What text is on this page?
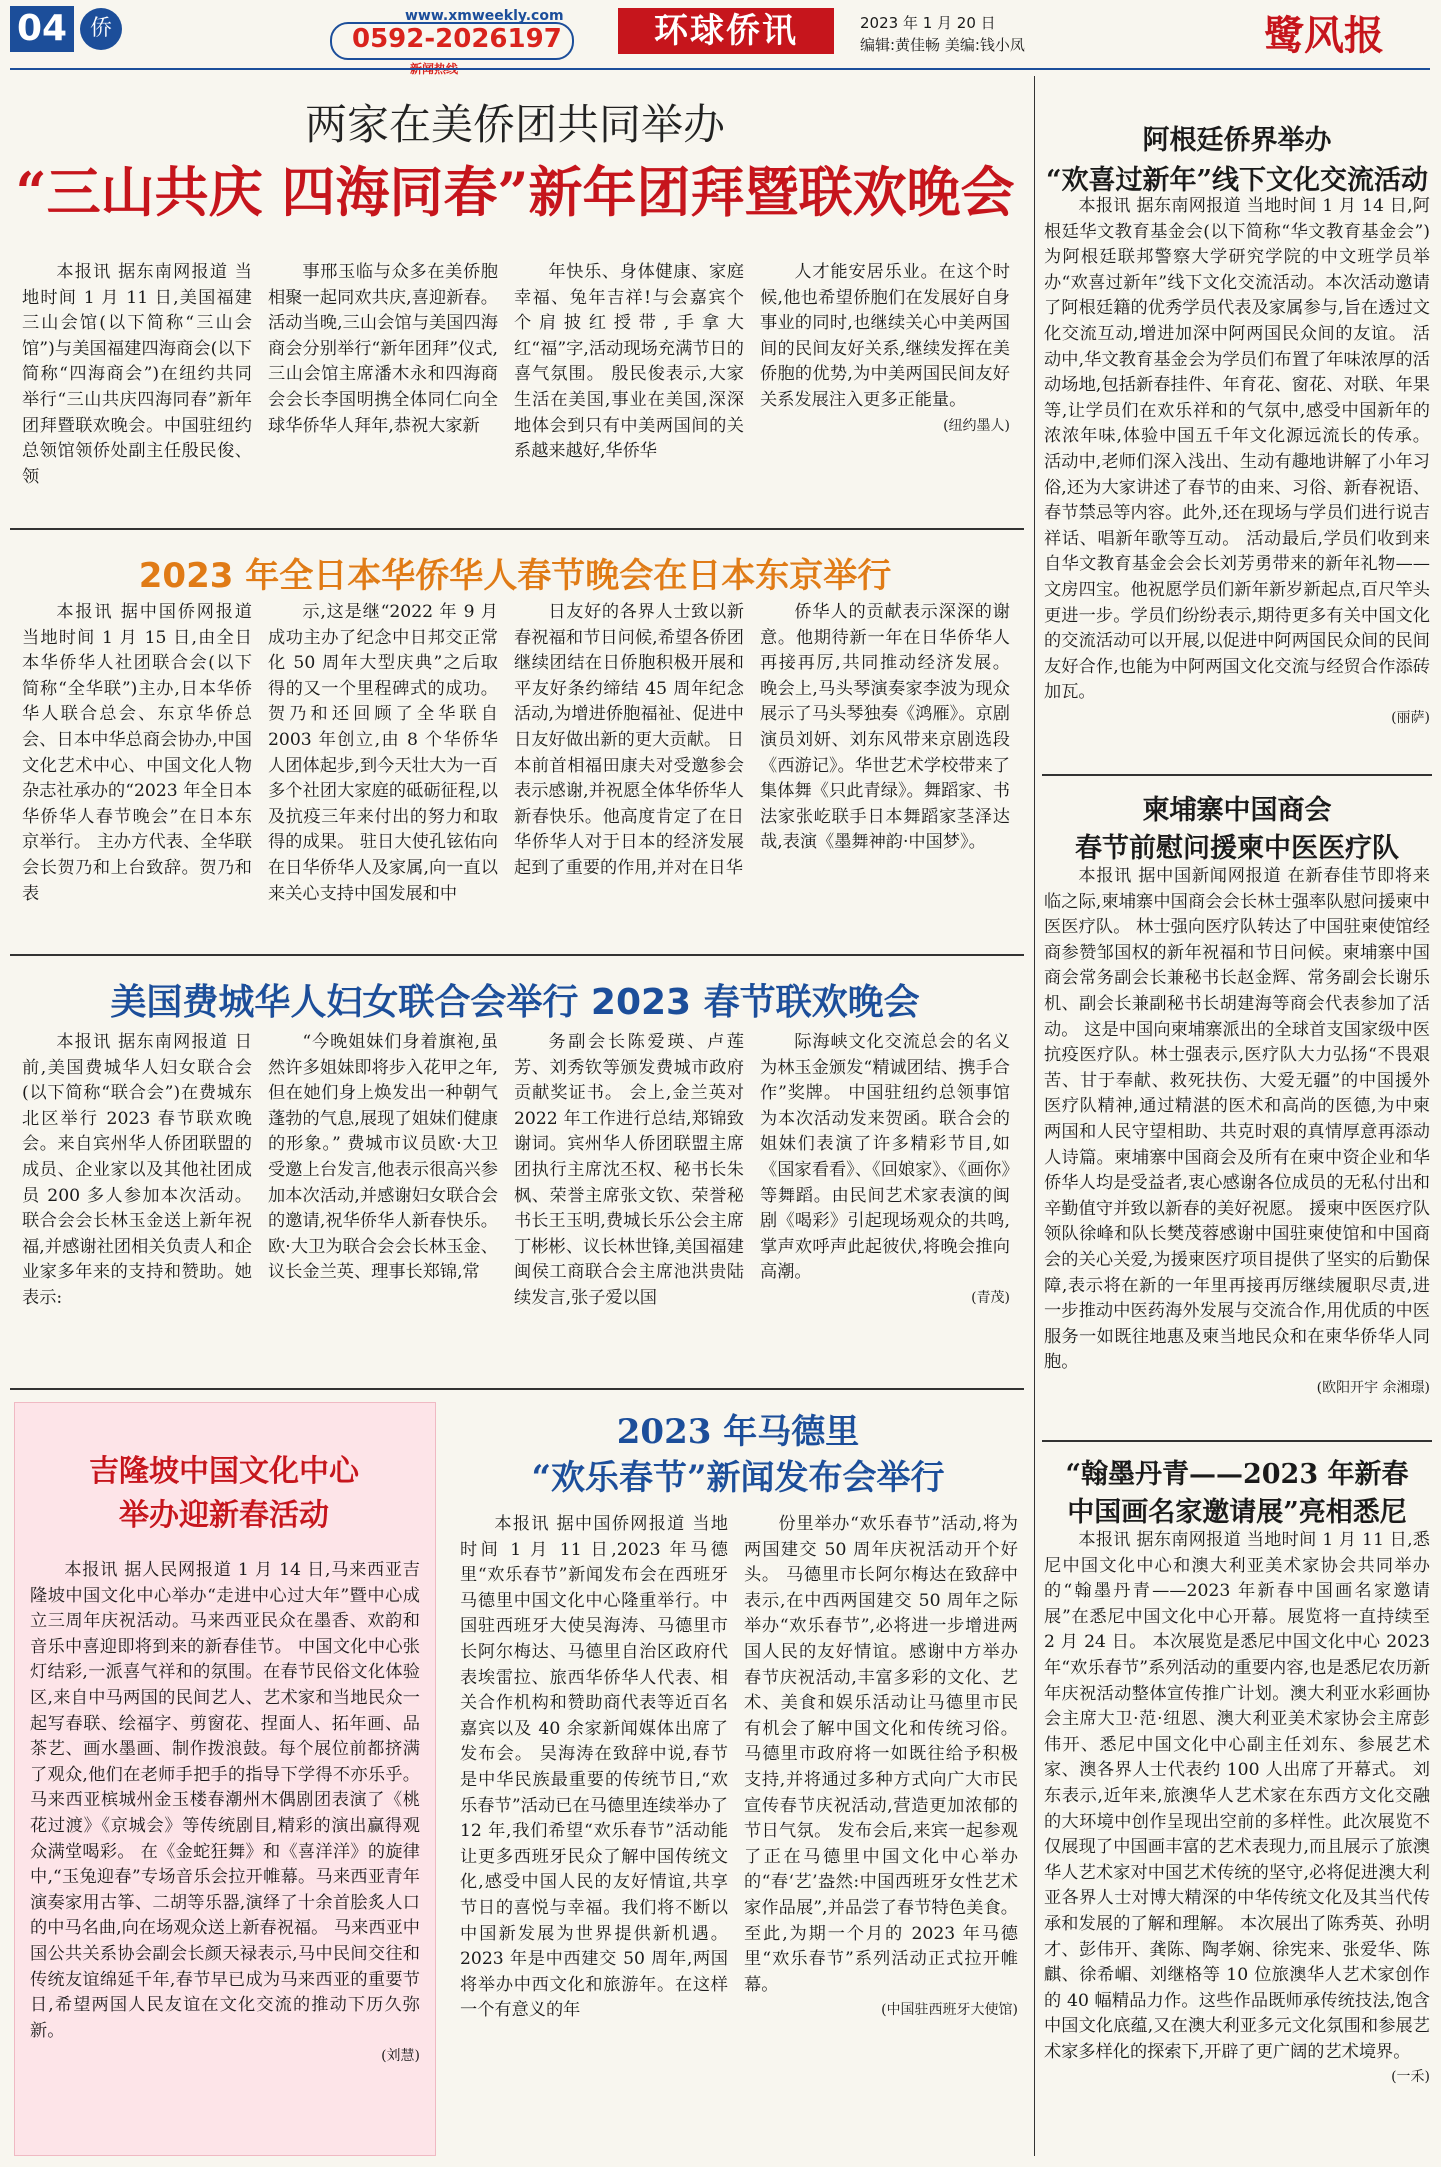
04	侨	www.xmweekly.com
0592-2026197	环球侨讯	2023 年 1 月 20 日
编辑:黄佳畅 美编:钱小凤	鹭风报
两家在美侨团共同举办
“三山共庆 四海同春”新年团拜暨联欢晚会

本报讯 据东南网报道 当地时间 1 月 11 日,美国福建三山会馆(以下简称“三山会馆”)与美国福建四海商会(以下简称“四海商会”)在纽约共同举行“三山共庆四海同春”新年团拜暨联欢晚会。中国驻纽约总领馆领侨处副主任殷民俊、领

事邢玉临与众多在美侨胞相聚一起同欢共庆,喜迎新春。 活动当晚,三山会馆与美国四海商会分别举行“新年团拜”仪式,三山会馆主席潘木永和四海商会会长李国明携全体同仁向全球华侨华人拜年,恭祝大家新

年快乐、身体健康、家庭幸福、兔年吉祥!与会嘉宾个个肩披红授带,手拿大红“福”字,活动现场充满节日的喜气氛围。 殷民俊表示,大家生活在美国,事业在美国,深深地体会到只有中美两国间的关系越来越好,华侨华

人才能安居乐业。在这个时候,他也希望侨胞们在发展好自身事业的同时,也继续关心中美两国间的民间友好关系,继续发挥在美侨胞的优势,为中美两国民间友好关系发展注入更多正能量。

(纽约墨人)

2023 年全日本华侨华人春节晚会在日本东京举行

本报讯 据中国侨网报道 当地时间 1 月 15 日,由全日本华侨华人社团联合会(以下简称“全华联”)主办,日本华侨华人联合总会、东京华侨总会、日本中华总商会协办,中国文化艺术中心、中国文化人物杂志社承办的“2023 年全日本华侨华人春节晚会”在日本东京举行。 主办方代表、全华联会长贺乃和上台致辞。贺乃和表

示,这是继“2022 年 9 月成功主办了纪念中日邦交正常化 50 周年大型庆典”之后取得的又一个里程碑式的成功。贺乃和还回顾了全华联自 2003 年创立,由 8 个华侨华人团体起步,到今天壮大为一百多个社团大家庭的砥砺征程,以及抗疫三年来付出的努力和取得的成果。 驻日大使孔铉佑向在日华侨华人及家属,向一直以来关心支持中国发展和中

日友好的各界人士致以新春祝福和节日问候,希望各侨团继续团结在日侨胞积极开展和平友好条约缔结 45 周年纪念活动,为增进侨胞福祉、促进中日友好做出新的更大贡献。 日本前首相福田康夫对受邀参会表示感谢,并祝愿全体华侨华人新春快乐。他高度肯定了在日华侨华人对于日本的经济发展起到了重要的作用,并对在日华

侨华人的贡献表示深深的谢意。他期待新一年在日华侨华人再接再厉,共同推动经济发展。 晚会上,马头琴演奏家李波为现众展示了马头琴独奏《鸿雁》。京剧演员刘妍、刘东风带来京剧选段《西游记》。华世艺术学校带来了集体舞《只此青绿》。舞蹈家、书法家张屹联手日本舞蹈家茎泽达哉,表演《墨舞神韵·中国梦》。

美国费城华人妇女联合会举行 2023 春节联欢晚会

本报讯 据东南网报道 日前,美国费城华人妇女联合会(以下简称“联合会”)在费城东北区举行 2023 春节联欢晚会。来自宾州华人侨团联盟的成员、企业家以及其他社团成员 200 多人参加本次活动。 联合会会长林玉金送上新年祝福,并感谢社团相关负责人和企业家多年来的支持和赞助。她表示:

“今晚姐妹们身着旗袍,虽然许多姐妹即将步入花甲之年,但在她们身上焕发出一种朝气蓬勃的气息,展现了姐妹们健康的形象。” 费城市议员欧·大卫受邀上台发言,他表示很高兴参加本次活动,并感谢妇女联合会的邀请,祝华侨华人新春快乐。欧·大卫为联合会会长林玉金、议长金兰英、理事长郑锦,常

务副会长陈爱瑛、卢莲芳、刘秀钦等颁发费城市政府贡献奖证书。 会上,金兰英对 2022 年工作进行总结,郑锦致谢词。宾州华人侨团联盟主席团执行主席沈丕权、秘书长朱枫、荣誉主席张文钦、荣誉秘书长王玉明,费城长乐公会主席丁彬彬、议长林世锋,美国福建闽侯工商联合会主席池洪贵陆续发言,张子爱以国

际海峡文化交流总会的名义为林玉金颁发“精诚团结、携手合作”奖牌。 中国驻纽约总领事馆为本次活动发来贺函。联合会的姐妹们表演了许多精彩节目,如《国家看看》、《回娘家》、《画你》等舞蹈。由民间艺术家表演的闽剧《喝彩》引起现场观众的共鸣,掌声欢呼声此起彼伏,将晚会推向高潮。

(青茂)

吉隆坡中国文化中心
举办迎新春活动

本报讯 据人民网报道 1 月 14 日,马来西亚吉隆坡中国文化中心举办“走进中心过大年”暨中心成立三周年庆祝活动。马来西亚民众在墨香、欢韵和音乐中喜迎即将到来的新春佳节。 中国文化中心张灯结彩,一派喜气祥和的氛围。在春节民俗文化体验区,来自中马两国的民间艺人、艺术家和当地民众一起写春联、绘福字、剪窗花、捏面人、拓年画、品茶艺、画水墨画、制作拨浪鼓。每个展位前都挤满了观众,他们在老师手把手的指导下学得不亦乐乎。 马来西亚槟城州金玉楼春潮州木偶剧团表演了《桃花过渡》《京城会》等传统剧目,精彩的演出赢得观众满堂喝彩。 在《金蛇狂舞》和《喜洋洋》的旋律中,“玉兔迎春”专场音乐会拉开帷幕。马来西亚青年演奏家用古筝、二胡等乐器,演绎了十余首脍炙人口的中马名曲,向在场观众送上新春祝福。 马来西亚中国公共关系协会副会长颜天禄表示,马中民间交往和传统友谊绵延千年,春节早已成为马来西亚的重要节日,希望两国人民友谊在文化交流的推动下历久弥新。

(刘慧)

2023 年马德里
“欢乐春节”新闻发布会举行

本报讯 据中国侨网报道 当地时间 1 月 11 日,2023 年马德里“欢乐春节”新闻发布会在西班牙马德里中国文化中心隆重举行。中国驻西班牙大使吴海涛、马德里市长阿尔梅达、马德里自治区政府代表埃雷拉、旅西华侨华人代表、相关合作机构和赞助商代表等近百名嘉宾以及 40 余家新闻媒体出席了发布会。 吴海涛在致辞中说,春节是中华民族最重要的传统节日,“欢乐春节”活动已在马德里连续举办了 12 年,我们希望“欢乐春节”活动能让更多西班牙民众了解中国传统文化,感受中国人民的友好情谊,共享节日的喜悦与幸福。我们将不断以中国新发展为世界提供新机遇。2023 年是中西建交 50 周年,两国将举办中西文化和旅游年。在这样一个有意义的年

份里举办“欢乐春节”活动,将为两国建交 50 周年庆祝活动开个好头。 马德里市长阿尔梅达在致辞中表示,在中西两国建交 50 周年之际举办“欢乐春节”,必将进一步增进两国人民的友好情谊。感谢中方举办春节庆祝活动,丰富多彩的文化、艺术、美食和娱乐活动让马德里市民有机会了解中国文化和传统习俗。马德里市政府将一如既往给予积极支持,并将通过多种方式向广大市民宣传春节庆祝活动,营造更加浓郁的节日气氛。 发布会后,来宾一起参观了正在马德里中国文化中心举办的“春‘艺’盎然:中国西班牙女性艺术家作品展”,并品尝了春节特色美食。至此,为期一个月的 2023 年马德里“欢乐春节”系列活动正式拉开帷幕。

(中国驻西班牙大使馆)

阿根廷侨界举办
“欢喜过新年”线下文化交流活动

本报讯 据东南网报道 当地时间 1 月 14 日,阿根廷华文教育基金会(以下简称“华文教育基金会”)为阿根廷联邦警察大学研究学院的中文班学员举办“欢喜过新年”线下文化交流活动。本次活动邀请了阿根廷籍的优秀学员代表及家属参与,旨在透过文化交流互动,增进加深中阿两国民众间的友谊。 活动中,华文教育基金会为学员们布置了年味浓厚的活动场地,包括新春挂件、年育花、窗花、对联、年果等,让学员们在欢乐祥和的气氛中,感受中国新年的浓浓年味,体验中国五千年文化源远流长的传承。 活动中,老师们深入浅出、生动有趣地讲解了小年习俗,还为大家讲述了春节的由来、习俗、新春祝语、春节禁忌等内容。此外,还在现场与学员们进行说吉祥话、唱新年歌等互动。 活动最后,学员们收到来自华文教育基金会会长刘芳勇带来的新年礼物——文房四宝。他祝愿学员们新年新岁新起点,百尺竿头更进一步。学员们纷纷表示,期待更多有关中国文化的交流活动可以开展,以促进中阿两国民众间的民间友好合作,也能为中阿两国文化交流与经贸合作添砖加瓦。

(丽萨)

柬埔寨中国商会
春节前慰问援柬中医医疗队

本报讯 据中国新闻网报道 在新春佳节即将来临之际,柬埔寨中国商会会长林士强率队慰问援柬中医医疗队。 林士强向医疗队转达了中国驻柬使馆经商参赞邹国权的新年祝福和节日问候。柬埔寨中国商会常务副会长兼秘书长赵金辉、常务副会长谢乐机、副会长兼副秘书长胡建海等商会代表参加了活动。 这是中国向柬埔寨派出的全球首支国家级中医抗疫医疗队。林士强表示,医疗队大力弘扬“不畏艰苦、甘于奉献、救死扶伤、大爱无疆”的中国援外医疗队精神,通过精湛的医术和高尚的医德,为中柬两国和人民守望相助、共克时艰的真情厚意再添动人诗篇。柬埔寨中国商会及所有在柬中资企业和华侨华人均是受益者,衷心感谢各位成员的无私付出和辛勤值守并致以新春的美好祝愿。 援柬中医医疗队领队徐峰和队长樊茂蓉感谢中国驻柬使馆和中国商会的关心关爱,为援柬医疗项目提供了坚实的后勤保障,表示将在新的一年里再接再厉继续履职尽责,进一步推动中医药海外发展与交流合作,用优质的中医服务一如既往地惠及柬当地民众和在柬华侨华人同胞。

(欧阳开宇 余湘璟)

“翰墨丹青——2023 年新春
中国画名家邀请展”亮相悉尼

本报讯 据东南网报道 当地时间 1 月 11 日,悉尼中国文化中心和澳大利亚美术家协会共同举办的“翰墨丹青——2023 年新春中国画名家邀请展”在悉尼中国文化中心开幕。展览将一直持续至 2 月 24 日。 本次展览是悉尼中国文化中心 2023 年“欢乐春节”系列活动的重要内容,也是悉尼农历新年庆祝活动整体宣传推广计划。澳大利亚水彩画协会主席大卫·范·纽恩、澳大利亚美术家协会主席彭伟开、悉尼中国文化中心副主任刘东、参展艺术家、澳各界人士代表约 100 人出席了开幕式。 刘东表示,近年来,旅澳华人艺术家在东西方文化交融的大环境中创作呈现出空前的多样性。此次展览不仅展现了中国画丰富的艺术表现力,而且展示了旅澳华人艺术家对中国艺术传统的坚守,必将促进澳大利亚各界人士对博大精深的中华传统文化及其当代传承和发展的了解和理解。 本次展出了陈秀英、孙明才、彭伟开、龚陈、陶孝娴、徐宪来、张爱华、陈麒、徐希嵋、刘继格等 10 位旅澳华人艺术家创作的 40 幅精品力作。这些作品既师承传统技法,饱含中国文化底蕴,又在澳大利亚多元文化氛围和参展艺术家多样化的探索下,开辟了更广阔的艺术境界。

(一禾)
